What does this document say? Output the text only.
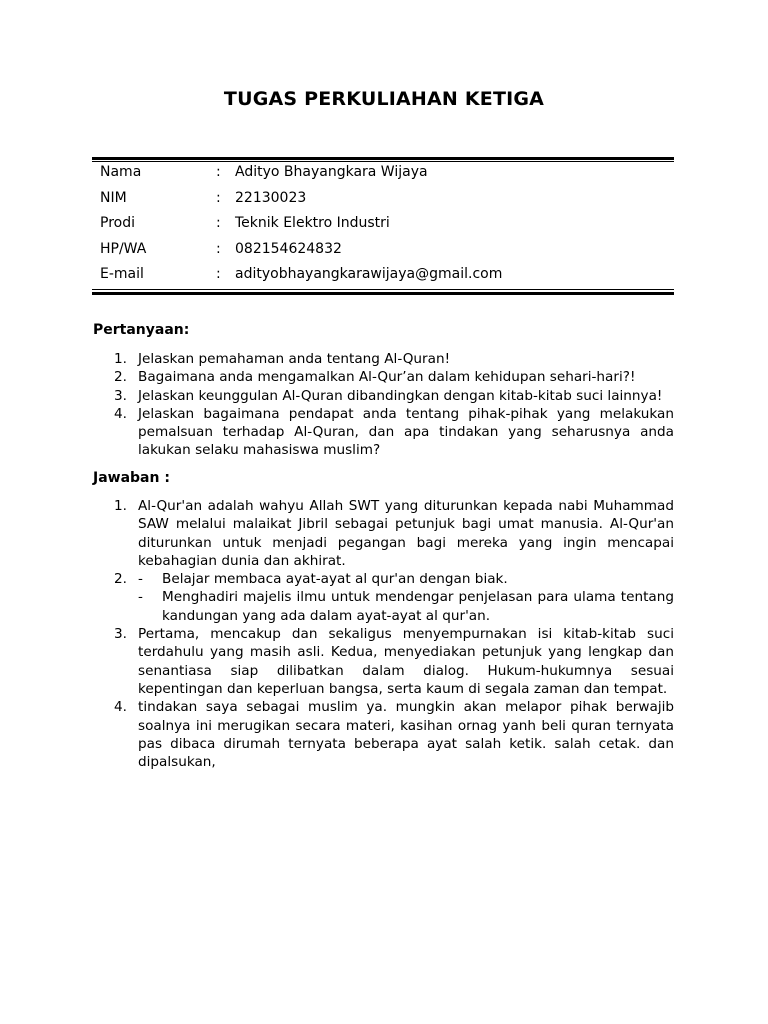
TUGAS PERKULIAHAN KETIGA
Nama	:	Adityo Bhayangkara Wijaya
NIM	:	22130023
Prodi	:	Teknik Elektro Industri
HP/WA	:	082154624832
E-mail	:	adityobhayangkarawijaya@gmail.com
Pertanyaan:
1. Jelaskan pemahaman anda tentang Al-Quran!
2. Bagaimana anda mengamalkan Al-Qur’an dalam kehidupan sehari-hari?!
3. Jelaskan keunggulan Al-Quran dibandingkan dengan kitab-kitab suci lainnya!
4. Jelaskan bagaimana pendapat anda tentang pihak-pihak yang melakukan pemalsuan terhadap Al-Quran, dan apa tindakan yang seharusnya anda lakukan selaku mahasiswa muslim?
Jawaban :
1. Al-Qur'an adalah wahyu Allah SWT yang diturunkan kepada nabi Muhammad SAW melalui malaikat Jibril sebagai petunjuk bagi umat manusia. Al-Qur'an diturunkan untuk menjadi pegangan bagi mereka yang ingin mencapai kebahagian dunia dan akhirat.
2. -	Belajar membaca ayat-ayat al qur'an dengan biak.
-	Menghadiri majelis ilmu untuk mendengar penjelasan para ulama tentang kandungan yang ada dalam ayat-ayat al qur'an.
3. Pertama, mencakup dan sekaligus menyempurnakan isi kitab-kitab suci terdahulu yang masih asli. Kedua, menyediakan petunjuk yang lengkap dan senantiasa siap dilibatkan dalam dialog. Hukum-hukumnya sesuai kepentingan dan keperluan bangsa, serta kaum di segala zaman dan tempat.
4. tindakan saya sebagai muslim ya. mungkin akan melapor pihak berwajib soalnya ini merugikan secara materi, kasihan ornag yanh beli quran ternyata pas dibaca dirumah ternyata beberapa ayat salah ketik. salah cetak. dan dipalsukan,
